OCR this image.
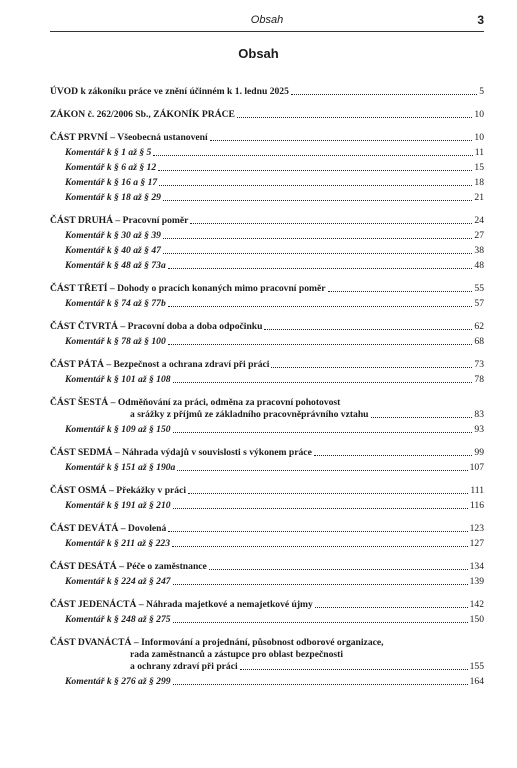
Obsah	3
Obsah
ÚVOD k zákoníku práce ve znění účinném k 1. lednu 2025	5
ZÁKON č. 262/2006 Sb., ZÁKONÍK PRÁCE	10
ČÁST PRVNÍ – Všeobecná ustanovení	10
Komentář k § 1 až § 5	11
Komentář k § 6 až § 12	15
Komentář k § 16 a § 17	18
Komentář k § 18 až § 29	21
ČÁST DRUHÁ – Pracovní poměr	24
Komentář k § 30 až § 39	27
Komentář k § 40 až § 47	38
Komentář k § 48 až § 73a	48
ČÁST TŘETÍ – Dohody o pracích konaných mimo pracovní poměr	55
Komentář k § 74 až § 77b	57
ČÁST ČTVRTÁ – Pracovní doba a doba odpočinku	62
Komentář k § 78 až § 100	68
ČÁST PÁTÁ – Bezpečnost a ochrana zdraví při práci	73
Komentář k § 101 až § 108	78
ČÁST ŠESTÁ – Odměňování za práci, odměna za pracovní pohotovost
a srážky z příjmů ze základního pracovněprávního vztahu	83
Komentář k § 109 až § 150	93
ČÁST SEDMÁ – Náhrada výdajů v souvislosti s výkonem práce	99
Komentář k § 151 až § 190a	107
ČÁST OSMÁ – Překážky v práci	111
Komentář k § 191 až § 210	116
ČÁST DEVÁTÁ – Dovolená	123
Komentář k § 211 až § 223	127
ČÁST DESÁTÁ – Péče o zaměstnance	134
Komentář k § 224 až § 247	139
ČÁST JEDENÁCTÁ – Náhrada majetkové a nemajetkové újmy	142
Komentář k § 248 až § 275	150
ČÁST DVANÁCTÁ – Informování a projednání, působnost odborové organizace,
rada zaměstnanců a zástupce pro oblast bezpečnosti
a ochrany zdraví při práci	155
Komentář k § 276 až § 299	164
